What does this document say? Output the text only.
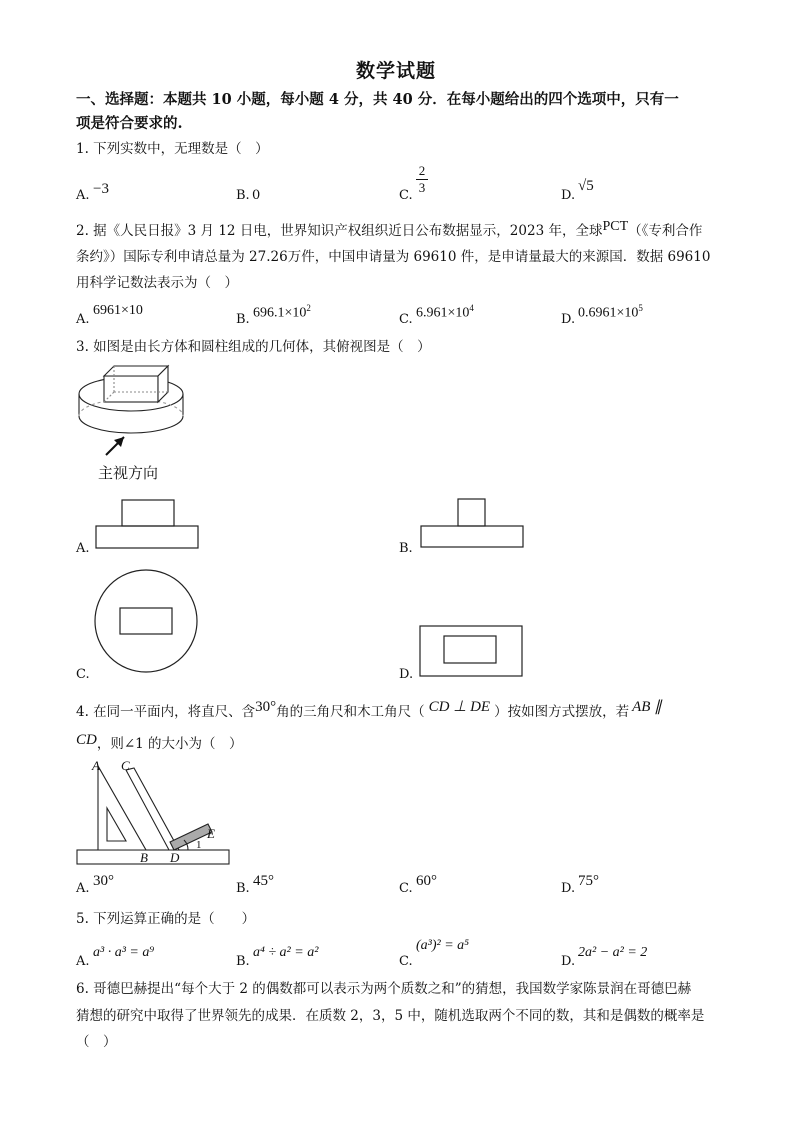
数学试题
一、选择题：本题共 10 小题，每小题 4 分，共 40 分．在每小题给出的四个选项中，只有一
项是符合要求的.
1. 下列实数中，无理数是（　）
A. −3	B. 0	C.
2
3
D.
√5
2. 据《人民日报》3 月 12 日电，世界知识产权组织近日公布数据显示，2023 年，全球PCT（《专利合作
条约》）国际专利申请总量为 27.26万件，中国申请量为 69610 件，是申请量最大的来源国．数据 69610
用科学记数法表示为（　）
A.
6961×10
B. $696.1\times 10^2$
C. $6.961\times 10^4$
D. $0.6961\times 10^5$
3. 如图是由长方体和圆柱组成的几何体，其俯视图是（　）
主视方向
A.	B.
C.	D.
4. 在同一平面内，将直尺、含30°角的三角尺和木工角尺（ CD ⊥ DE ）按如图方式摆放，若 AB ∥
CD，则∠1 的大小为（　）
A C
E
B D
1
A. 30°	B. 45°	C. 60°	D. 75°
5. 下列运算正确的是（　　）
A.
a³ · a³ = a⁹
B.
a⁴ ÷ a² = a²
C.
(a³)² = a⁵
D.
2a² − a² = 2
6. 哥德巴赫提出“每个大于 2 的偶数都可以表示为两个质数之和”的猜想，我国数学家陈景润在哥德巴赫
猜想的研究中取得了世界领先的成果．在质数 2，3，5 中，随机选取两个不同的数，其和是偶数的概率是
（　）
